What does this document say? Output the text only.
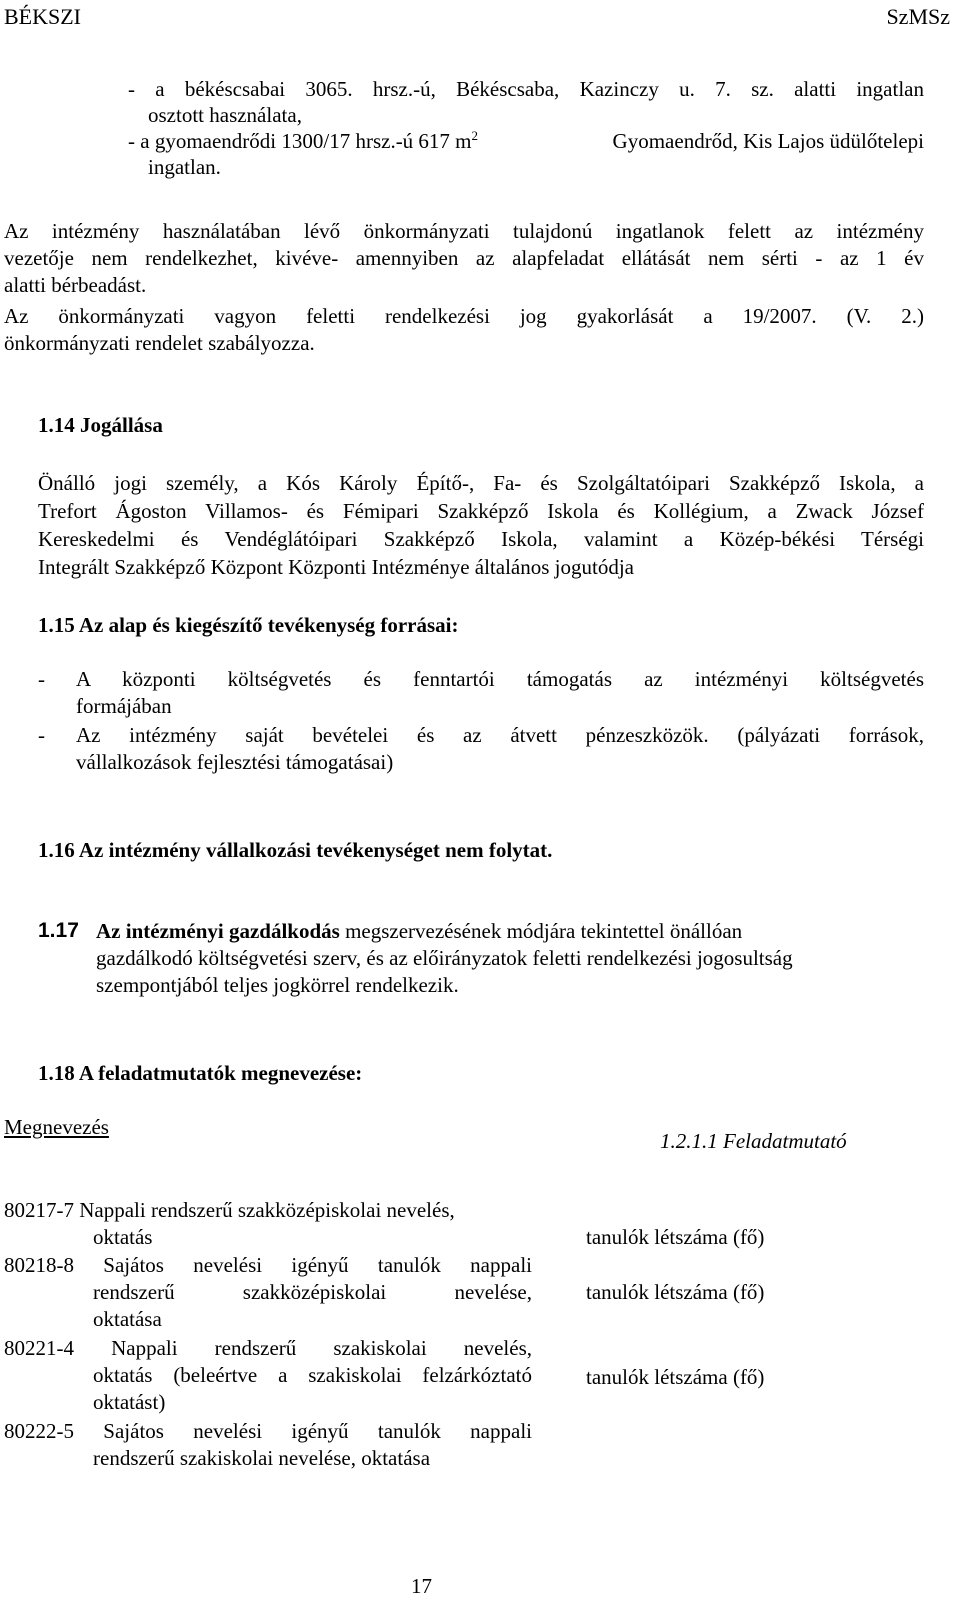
BÉKSZI	SzMSz
- a békéscsabai 3065. hrsz.-ú, Békéscsaba, Kazinczy u. 7. sz. alatti ingatlan
osztott használata,
- a gyomaendrődi 1300/17 hrsz.-ú 617 $m^2$	Gyomaendrőd, Kis Lajos üdülőtelepi
ingatlan.
Az intézmény használatában lévő önkormányzati tulajdonú ingatlanok felett az intézmény
vezetője nem rendelkezhet, kivéve- amennyiben az alapfeladat ellátását nem sérti - az 1 év
alatti bérbeadást.
Az önkormányzati vagyon feletti rendelkezési jog gyakorlását a 19/2007. (V. 2.)
önkormányzati rendelet szabályozza.
1.14 Jogállása
Önálló jogi személy, a Kós Károly Építő-, Fa- és Szolgáltatóipari Szakképző Iskola, a
Trefort Ágoston Villamos- és Fémipari Szakképző Iskola és Kollégium, a Zwack József
Kereskedelmi és Vendéglátóipari Szakképző Iskola, valamint a Közép-békési Térségi
Integrált Szakképző Központ Központi Intézménye általános jogutódja
1.15 Az alap és kiegészítő tevékenység forrásai:
- A központi költségvetés és fenntartói támogatás az intézményi költségvetés
formájában
- Az intézmény saját bevételei és az átvett pénzeszközök. (pályázati források,
vállalkozások fejlesztési támogatásai)
1.16 Az intézmény vállalkozási tevékenységet nem folytat.
1.17 Az intézményi gazdálkodás megszervezésének módjára tekintettel önállóan
gazdálkodó költségvetési szerv, és az előirányzatok feletti rendelkezési jogosultság
szempontjából teljes jogkörrel rendelkezik.
1.18 A feladatmutatók megnevezése:
Megnevezés
1.2.1.1 Feladatmutató
80217-7 Nappali rendszerű szakközépiskolai nevelés,
oktatás	tanulók létszáma (fő)
80218-8 Sajátos nevelési igényű tanulók nappali
rendszerű szakközépiskolai nevelése,
oktatása
tanulók létszáma (fő)
80221-4 Nappali rendszerű szakiskolai nevelés,
oktatás (beleértve a szakiskolai felzárkóztató
oktatást)
tanulók létszáma (fő)
80222-5 Sajátos nevelési igényű tanulók nappali
rendszerű szakiskolai nevelése, oktatása
17
